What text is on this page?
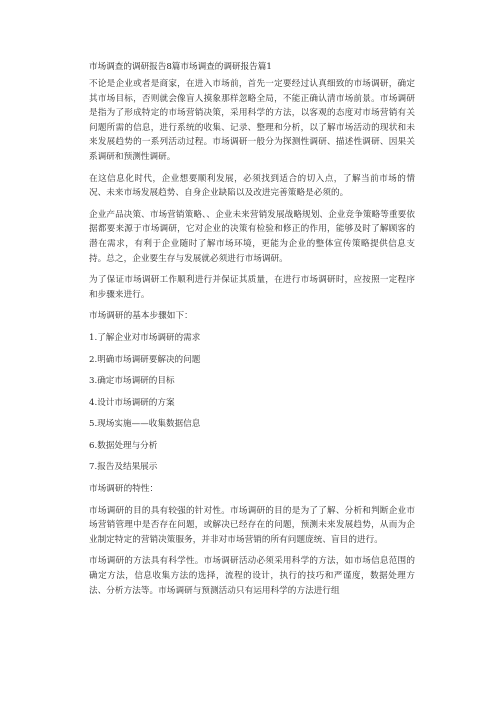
市场调查的调研报告8篇市场调查的调研报告篇1

不论是企业或者是商家，在进入市场前，首先一定要经过认真细致的市场调研，确定其市场目标，否则就会像盲人摸象那样忽略全局，不能正确认清市场前景。市场调研是指为了形成特定的市场营销决策，采用科学的方法，以客观的态度对市场营销有关问题所需的信息，进行系统的收集、记录、整理和分析，以了解市场活动的现状和未来发展趋势的一系列活动过程。市场调研一般分为探测性调研、描述性调研、因果关系调研和预测性调研。

在这信息化时代，企业想要顺利发展，必须找到适合的切入点，了解当前市场的情况、未来市场发展趋势、自身企业缺陷以及改进完善策略是必须的。

企业产品决策、市场营销策略、、企业未来营销发展战略规划、企业竞争策略等重要依据都要来源于市场调研，它对企业的决策有检验和修正的作用，能够及时了解顾客的潜在需求，有利于企业随时了解市场环境，更能为企业的整体宣传策略提供信息支持。总之，企业要生存与发展就必须进行市场调研。

为了保证市场调研工作顺利进行并保证其质量，在进行市场调研时，应按照一定程序和步骤来进行。

市场调研的基本步骤如下：

1.了解企业对市场调研的需求

2.明确市场调研要解决的问题

3.确定市场调研的目标

4.设计市场调研的方案

5.现场实施——收集数据信息

6.数据处理与分析

7.报告及结果展示

市场调研的特性：

市场调研的目的具有较强的针对性。市场调研的目的是为了了解、分析和判断企业市场营销管理中是否存在问题，或解决已经存在的问题，预测未来发展趋势，从而为企业制定特定的营销决策服务，并非对市场营销的所有问题庞统、盲目的进行。

市场调研的方法具有科学性。市场调研活动必须采用科学的方法，如市场信息范围的确定方法，信息收集方法的选择，流程的设计，执行的技巧和严谨度，数据处理方法、分析方法等。市场调研与预测活动只有运用科学的方法进行组
